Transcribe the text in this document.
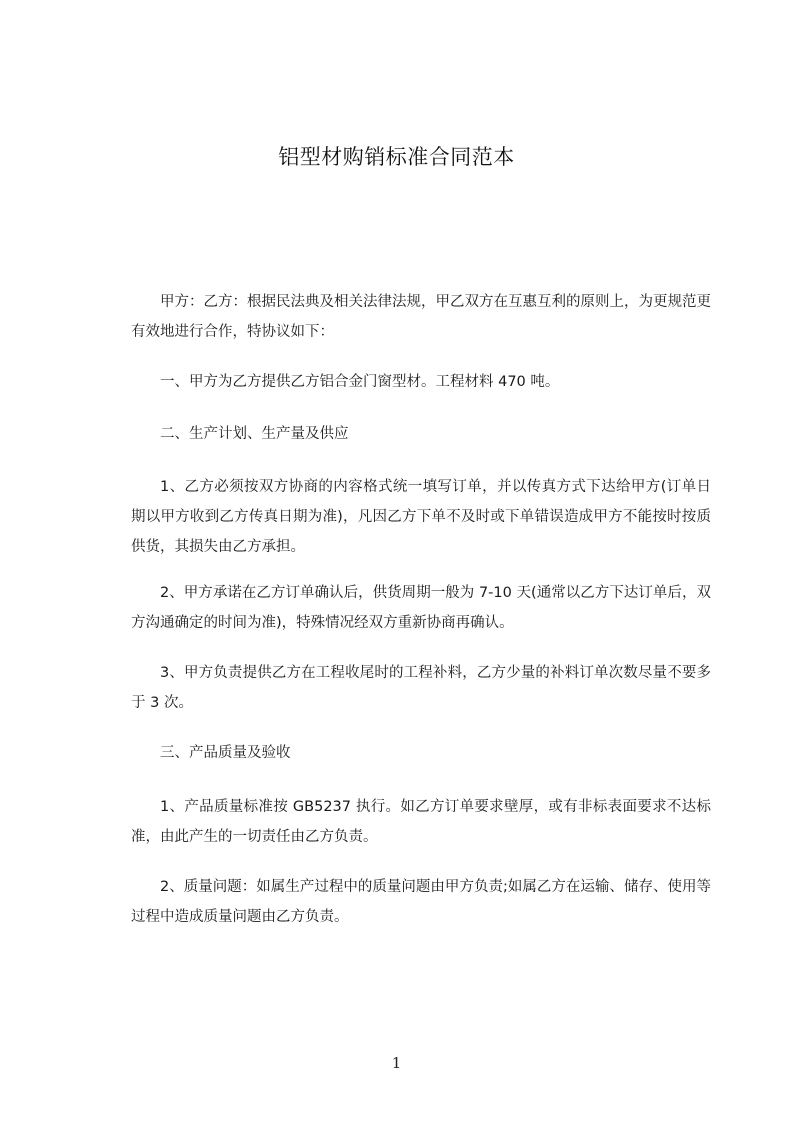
铝型材购销标准合同范本
甲方：乙方：根据民法典及相关法律法规，甲乙双方在互惠互利的原则上，为更规范更有效地进行合作，特协议如下：
一、甲方为乙方提供乙方铝合金门窗型材。工程材料 470 吨。
二、生产计划、生产量及供应
1、乙方必须按双方协商的内容格式统一填写订单，并以传真方式下达给甲方(订单日期以甲方收到乙方传真日期为准)，凡因乙方下单不及时或下单错误造成甲方不能按时按质供货，其损失由乙方承担。
2、甲方承诺在乙方订单确认后，供货周期一般为 7-10 天(通常以乙方下达订单后，双方沟通确定的时间为准)，特殊情况经双方重新协商再确认。
3、甲方负责提供乙方在工程收尾时的工程补料，乙方少量的补料订单次数尽量不要多于 3 次。
三、产品质量及验收
1、产品质量标准按 GB5237 执行。如乙方订单要求壁厚，或有非标表面要求不达标准，由此产生的一切责任由乙方负责。
2、质量问题：如属生产过程中的质量问题由甲方负责;如属乙方在运输、储存、使用等过程中造成质量问题由乙方负责。
1
